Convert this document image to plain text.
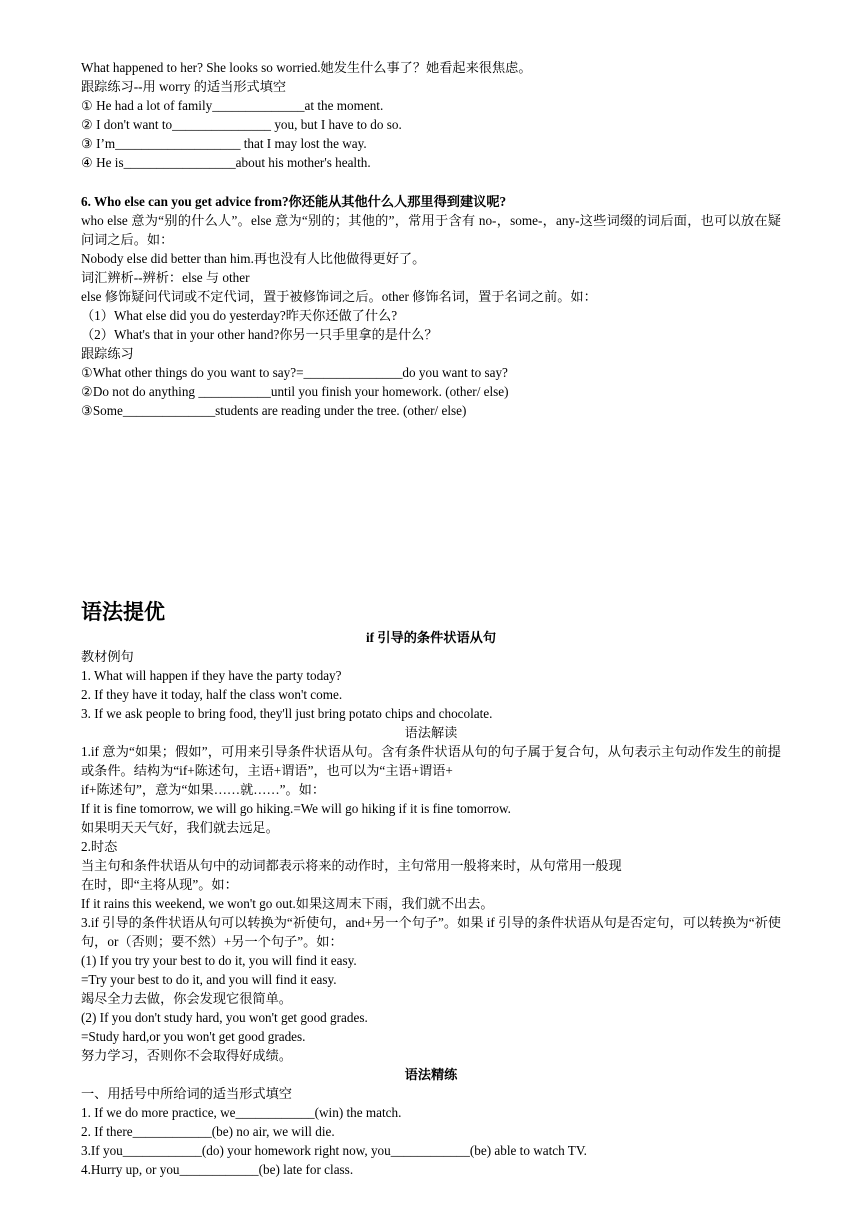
What happened to her? She looks so worried.她发生什么事了？她看起来很焦虑。
跟踪练习--用 worry 的适当形式填空
① He had a lot of family______________at the moment.
② I don't want to_______________ you, but I have to do so.
③ I’m___________________ that I may lost the way.
④ He is_________________about his mother's health.
6. Who else can you get advice from?你还能从其他什么人那里得到建议呢?
who else 意为“别的什么人”。else 意为“别的；其他的”，常用于含有 no-，some-，any-这些词缀的词后面，也可以放在疑问词之后。如：
Nobody else did better than him.再也没有人比他做得更好了。
词汇辨析--辨析：else 与 other
else 修饰疑问代词或不定代词，置于被修饰词之后。other 修饰名词，置于名词之前。如：
（1）What else did you do yesterday?昨天你还做了什么?
（2）What's that in your other hand?你另一只手里拿的是什么？
跟踪练习
①What other things do you want to say?=_______________do you want to say?
②Do not do anything ___________until you finish your homework. (other/ else)
③Some______________students are reading under the tree. (other/ else)
语法提优
if 引导的条件状语从句
教材例句
1. What will happen if they have the party today?
2. If they have it today, half the class won't come.
3. If we ask people to bring food, they'll just bring potato chips and chocolate.
语法解读
1.if 意为“如果；假如”，可用来引导条件状语从句。含有条件状语从句的句子属于复合句，从句表示主句动作发生的前提或条件。结构为“if+陈述句，主语+谓语”，也可以为“主语+谓语+
if+陈述句”，意为“如果……就……”。如：
If it is fine tomorrow, we will go hiking.=We will go hiking if it is fine tomorrow.
如果明天天气好，我们就去远足。
2.时态
当主句和条件状语从句中的动词都表示将来的动作时，主句常用一般将来时，从句常用一般现
在时，即“主将从现”。如：
If it rains this weekend, we won't go out.如果这周末下雨，我们就不出去。
3.if 引导的条件状语从句可以转换为“祈使句，and+另一个句子”。如果 if 引导的条件状语从句是否定句，可以转换为“祈使句，or（否则；要不然）+另一个句子”。如：
(1) If you try your best to do it, you will find it easy.
=Try your best to do it, and you will find it easy.
竭尽全力去做，你会发现它很简单。
(2) If you don't study hard, you won't get good grades.
=Study hard,or you won't get good grades.
努力学习，否则你不会取得好成绩。
语法精练
一、用括号中所给词的适当形式填空
1. If we do more practice, we____________(win) the match.
2. If there____________(be) no air, we will die.
3.If you____________(do) your homework right now, you____________(be) able to watch TV.
4.Hurry up, or you____________(be) late for class.
